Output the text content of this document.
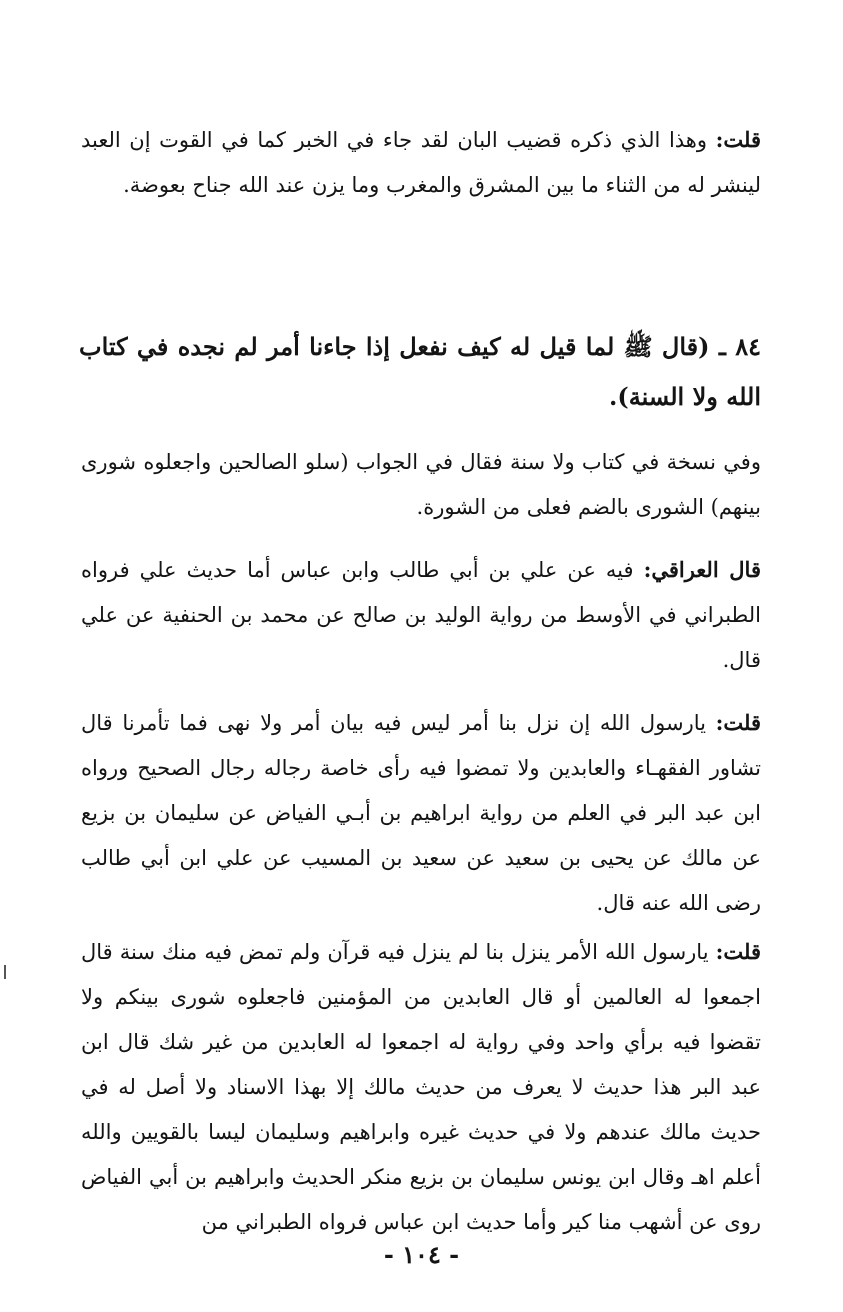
قلت: وهذا الذي ذكره قضيب البان لقد جاء في الخبر كما في القوت إن العبد لينشر له من الثناء ما بين المشرق والمغرب وما يزن عند الله جناح بعوضة.

٨٤ ـ (قال ﷺ لما قيل له كيف نفعل إذا جاءنا أمر لم نجده في كتاب الله ولا السنة).

وفي نسخة في كتاب ولا سنة فقال في الجواب (سلو الصالحين واجعلوه شورى بينهم) الشورى بالضم فعلى من الشورة.

قال العراقي: فيه عن علي بن أبي طالب وابن عباس أما حديث علي فرواه الطبراني في الأوسط من رواية الوليد بن صالح عن محمد بن الحنفية عن علي قال.

قلت: يارسول الله إن نزل بنا أمر ليس فيه بيان أمر ولا نهى فما تأمرنا قال تشاور الفقهـاء والعابدين ولا تمضوا فيه رأى خاصة رجاله رجال الصحيح ورواه ابن عبد البر في العلم من رواية ابراهيم بن أبـي الفياض عن سليمان بن بزيع عن مالك عن يحيى بن سعيد عن سعيد بن المسيب عن علي ابن أبي طالب رضى الله عنه قال.

قلت: يارسول الله الأمر ينزل بنا لم ينزل فيه قرآن ولم تمض فيه منك سنة قال اجمعوا له العالمين أو قال العابدين من المؤمنين فاجعلوه شورى بينكم ولا تقضوا فيه برأي واحد وفي رواية له اجمعوا له العابدين من غير شك قال ابن عبد البر هذا حديث لا يعرف من حديث مالك إلا بهذا الاسناد ولا أصل له في حديث مالك عندهم ولا في حديث غيره وابراهيم وسليمان ليسا بالقويين والله أعلم اهـ وقال ابن يونس سليمان بن بزيع منكر الحديث وابراهيم بن أبي الفياض روى عن أشهب منا كير وأما حديث ابن عباس فرواه الطبراني من

- ١٠٤ -
